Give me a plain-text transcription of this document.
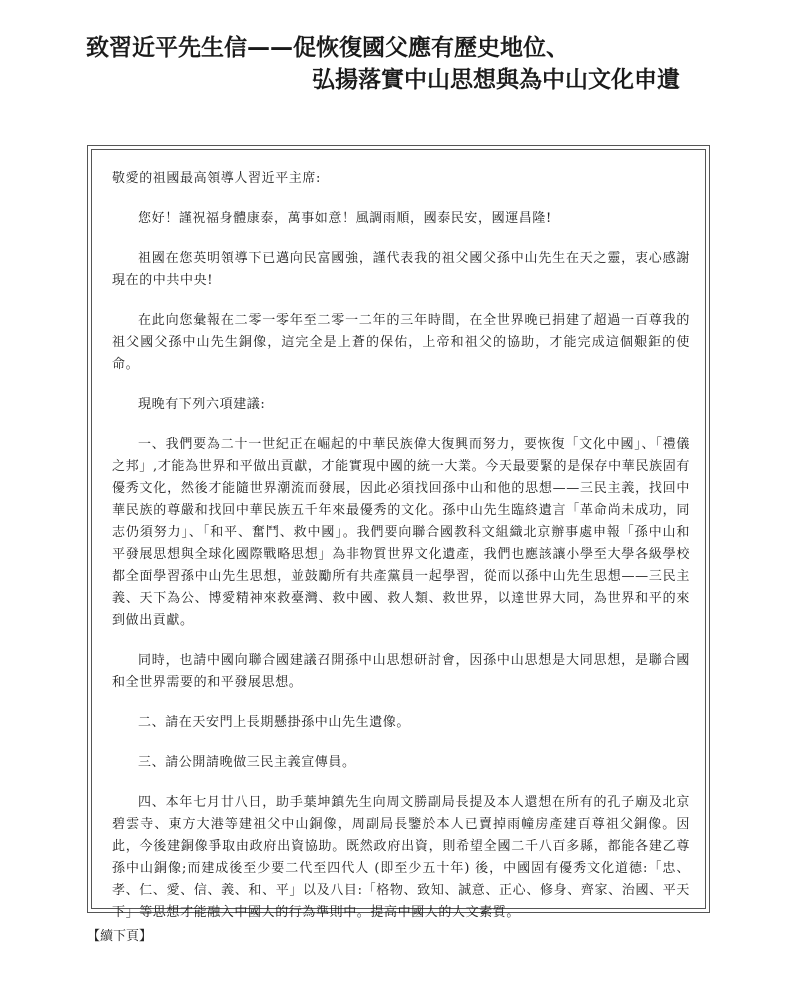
致習近平先生信——促恢復國父應有歷史地位、
弘揚落實中山思想與為中山文化申遺

敬愛的祖國最高領導人習近平主席:

您好！謹祝福身體康泰，萬事如意！風調雨順，國泰民安，國運昌隆!

祖國在您英明領導下已邁向民富國強，謹代表我的祖父國父孫中山先生在天之靈，衷心感謝現在的中共中央!

在此向您彙報在二零一零年至二零一二年的三年時間，在全世界晚已捐建了超過一百尊我的祖父國父孫中山先生銅像，這完全是上蒼的保佑，上帝和祖父的協助，才能完成這個艱鉅的使命。

現晚有下列六項建議:

一、我們要為二十一世紀正在崛起的中華民族偉大復興而努力，要恢復「文化中國」、「禮儀之邦」,才能為世界和平做出貢獻，才能實現中國的統一大業。今天最要緊的是保存中華民族固有優秀文化，然後才能隨世界潮流而發展，因此必須找回孫中山和他的思想——三民主義，找回中華民族的尊嚴和找回中華民族五千年來最優秀的文化。孫中山先生臨終遺言「革命尚未成功，同志仍須努力」、「和平、奮鬥、救中國」。我們要向聯合國教科文組織北京辦事處申報「孫中山和平發展思想與全球化國際戰略思想」為非物質世界文化遺產，我們也應該讓小學至大學各級學校都全面學習孫中山先生思想，並鼓勵所有共產黨員一起學習，從而以孫中山先生思想——三民主義、天下為公、博愛精神來救臺灣、救中國、救人類、救世界，以達世界大同，為世界和平的來到做出貢獻。

同時，也請中國向聯合國建議召開孫中山思想研討會，因孫中山思想是大同思想，是聯合國和全世界需要的和平發展思想。

二、請在天安門上長期懸掛孫中山先生遺像。

三、請公開請晚做三民主義宣傳員。

四、本年七月廿八日，助手葉坤鎮先生向周文勝副局長提及本人還想在所有的孔子廟及北京碧雲寺、東方大港等建祖父中山銅像，周副局長鑒於本人已賣掉雨幢房產建百尊祖父銅像。因此，今後建銅像爭取由政府出資協助。既然政府出資，則希望全國二千八百多縣，都能各建乙尊孫中山銅像;而建成後至少要二代至四代人 (即至少五十年) 後，中國固有優秀文化道德:「忠、孝、仁、愛、信、義、和、平」以及八目:「格物、致知、誠意、正心、修身、齊家、治國、平天下」等思想才能融入中國人的行為準則中。提高中國人的人文素質。

【續下頁】
